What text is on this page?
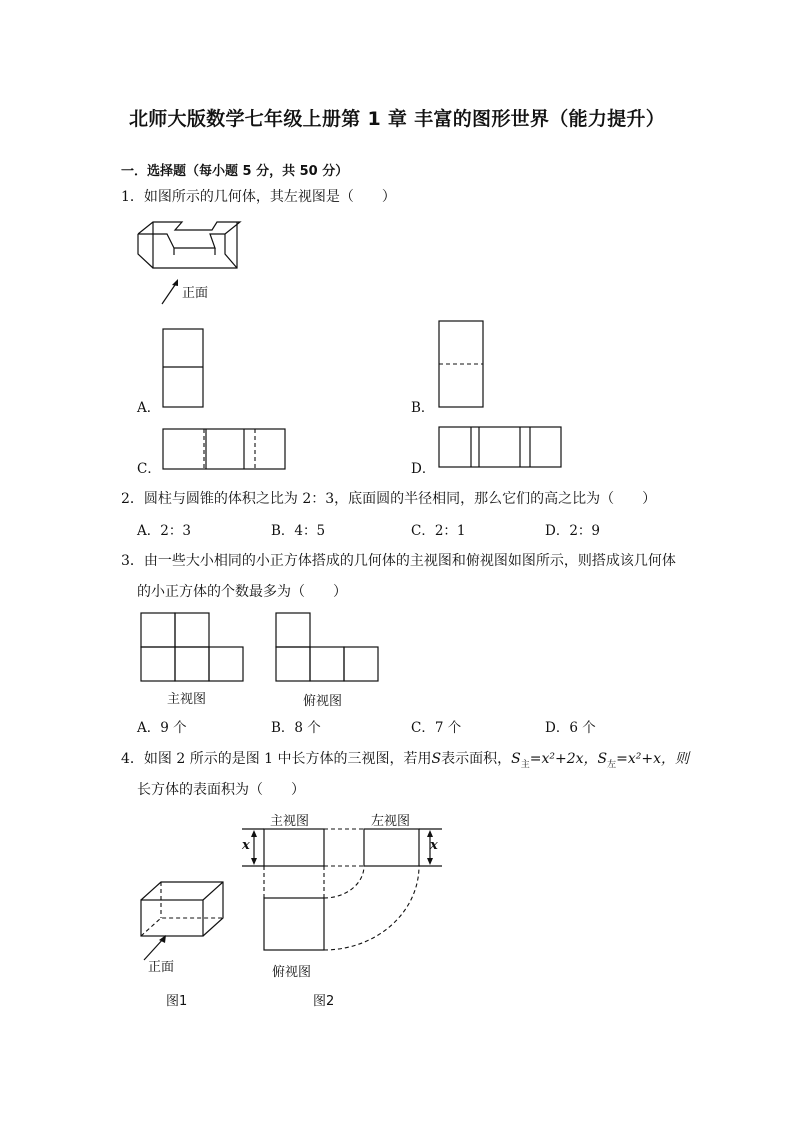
北师大版数学七年级上册第 1 章 丰富的图形世界（能力提升）
一．选择题（每小题 5 分，共 50 分）
1．如图所示的几何体，其左视图是（　　）
正面
A．	B．
C．	D．
2．圆柱与圆锥的体积之比为 2：3，底面圆的半径相同，那么它们的高之比为（　　）
A．2：3	B．4：5	C．2：1	D．2：9
3．由一些大小相同的小正方体搭成的几何体的主视图和俯视图如图所示，则搭成该几何体
的小正方体的个数最多为（　　）
主视图	俯视图
A．9 个	B．8 个	C．7 个	D．6 个
4．如图 2 所示的是图 1 中长方体的三视图，若用S表示面积，$S_主=x^2+2x$，$S_左=x^2+x$，则
长方体的表面积为（　　）
正面
图1
主视图	左视图
x	x
俯视图
图2
